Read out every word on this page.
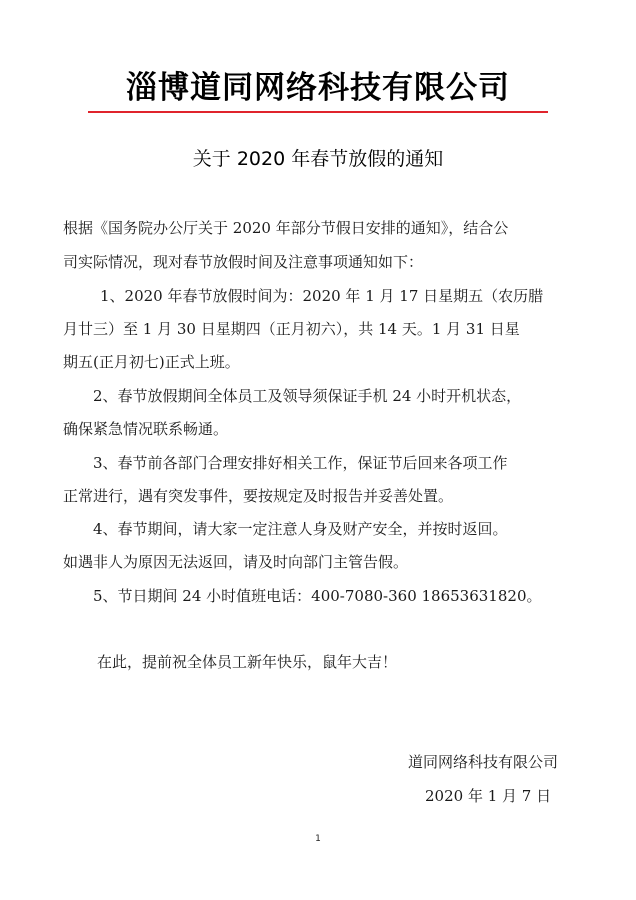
淄博道同网络科技有限公司
关于 2020 年春节放假的通知
根据《国务院办公厅关于 2020 年部分节假日安排的通知》，结合公
司实际情况，现对春节放假时间及注意事项通知如下：
1、2020 年春节放假时间为：2020 年 1 月 17 日星期五（农历腊
月廿三）至 1 月 30 日星期四（正月初六），共 14 天。1 月 31 日星
期五(正月初七)正式上班。
2、春节放假期间全体员工及领导须保证手机 24 小时开机状态，
确保紧急情况联系畅通。
3、春节前各部门合理安排好相关工作，保证节后回来各项工作
正常进行，遇有突发事件，要按规定及时报告并妥善处置。
4、春节期间，请大家一定注意人身及财产安全，并按时返回。
如遇非人为原因无法返回，请及时向部门主管告假。
5、节日期间 24 小时值班电话：400-7080-360 18653631820。
在此，提前祝全体员工新年快乐，鼠年大吉！
道同网络科技有限公司
2020 年 1 月 7 日
1
